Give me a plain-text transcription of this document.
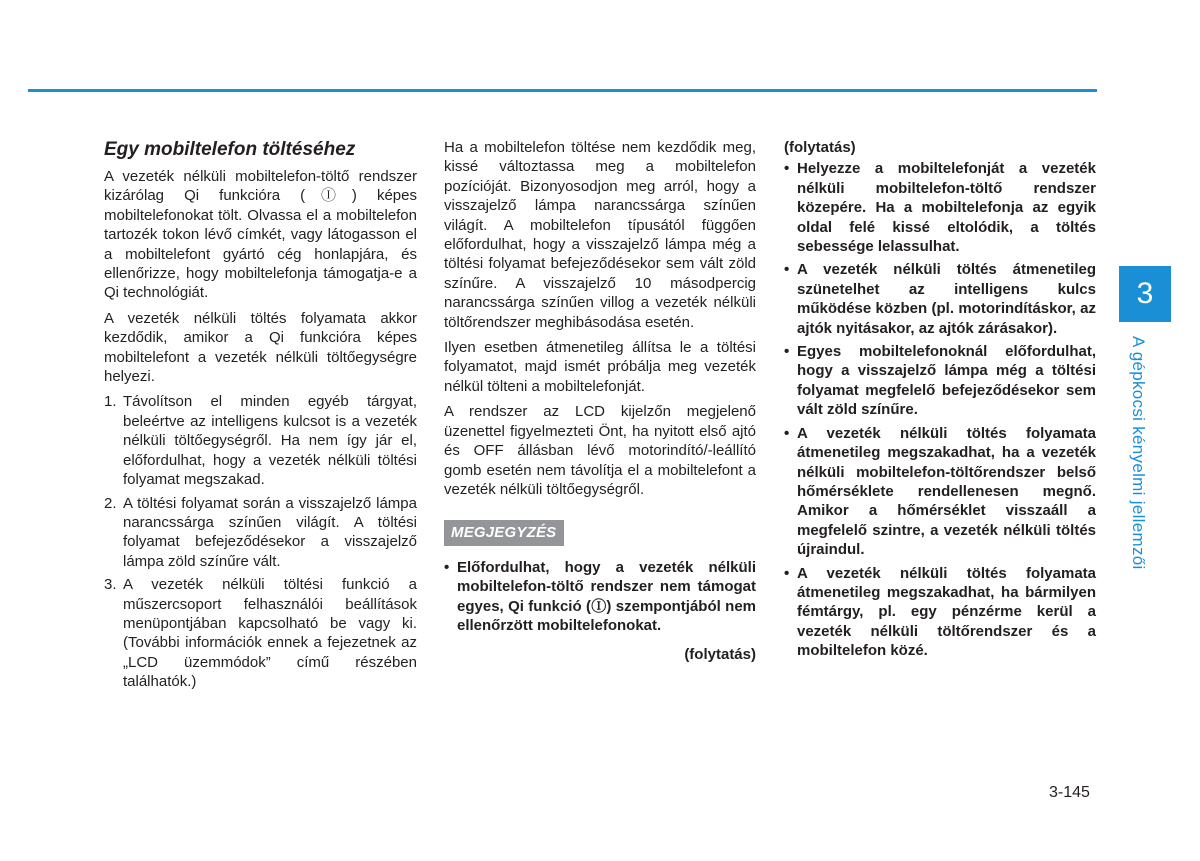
Egy mobiltelefon töltéséhez

A vezeték nélküli mobiltelefon-töltő rendszer kizárólag Qi funkcióra (Ⓘ) képes mobiltelefonokat tölt. Olvassa el a mobiltelefon tartozék tokon lévő címkét, vagy látogasson el a mobiltelefont gyártó cég honlapjára, és ellenőrizze, hogy mobiltelefonja támogatja-e a Qi technológiát.

A vezeték nélküli töltés folyamata akkor kezdődik, amikor a Qi funkcióra képes mobiltelefont a vezeték nélküli töltőegységre helyezi.

1. Távolítson el minden egyéb tárgyat, beleértve az intelligens kulcsot is a vezeték nélküli töltőegységről. Ha nem így jár el, előfordulhat, hogy a vezeték nélküli töltési folyamat megszakad.
2. A töltési folyamat során a visszajelző lámpa narancssárga színűen világít. A töltési folyamat befejeződésekor a visszajelző lámpa zöld színűre vált.
3. A vezeték nélküli töltési funkció a műszercsoport felhasználói beállítások menüpontjában kapcsolható be vagy ki. (További információk ennek a fejezetnek az „LCD üzemmódok” című részében találhatók.)

Ha a mobiltelefon töltése nem kezdődik meg, kissé változtassa meg a mobiltelefon pozícióját. Bizonyosodjon meg arról, hogy a visszajelző lámpa narancssárga színűen világít. A mobiltelefon típusától függően előfordulhat, hogy a visszajelző lámpa még a töltési folyamat befejeződésekor sem vált zöld színűre. A visszajelző 10 másodpercig narancssárga színűen villog a vezeték nélküli töltőrendszer meghibásodása esetén.

Ilyen esetben átmenetileg állítsa le a töltési folyamatot, majd ismét próbálja meg vezeték nélkül tölteni a mobiltelefonját.

A rendszer az LCD kijelzőn megjelenő üzenettel figyelmezteti Önt, ha nyitott első ajtó és OFF állásban lévő motorindító/-leállító gomb esetén nem távolítja el a mobiltelefont a vezeték nélküli töltőegységről.

MEGJEGYZÉS
• Előfordulhat, hogy a vezeték nélküli mobiltelefon-töltő rendszer nem támogat egyes, Qi funkció (Ⓘ) szempontjából nem ellenőrzött mobiltelefonokat.
(folytatás)
(folytatás)
• Helyezze a mobiltelefonját a vezeték nélküli mobiltelefon-töltő rendszer közepére. Ha a mobiltelefonja az egyik oldal felé kissé eltolódik, a töltés sebessége lelassulhat.
• A vezeték nélküli töltés átmenetileg szünetelhet az intelligens kulcs működése közben (pl. motorindításkor, az ajtók nyitásakor, az ajtók zárásakor).
• Egyes mobiltelefonoknál előfordulhat, hogy a visszajelző lámpa még a töltési folyamat megfelelő befejeződésekor sem vált zöld színűre.
• A vezeték nélküli töltés folyamata átmenetileg megszakadhat, ha a vezeték nélküli mobiltelefon-töltőrendszer belső hőmérséklete rendellenesen megnő. Amikor a hőmérséklet visszaáll a megfelelő szintre, a vezeték nélküli töltés újraindul.
• A vezeték nélküli töltés folyamata átmenetileg megszakadhat, ha bármilyen fémtárgy, pl. egy pénzérme kerül a vezeték nélküli töltőrendszer és a mobiltelefon közé.
3
A gépkocsi kényelmi jellemzői
3-145
